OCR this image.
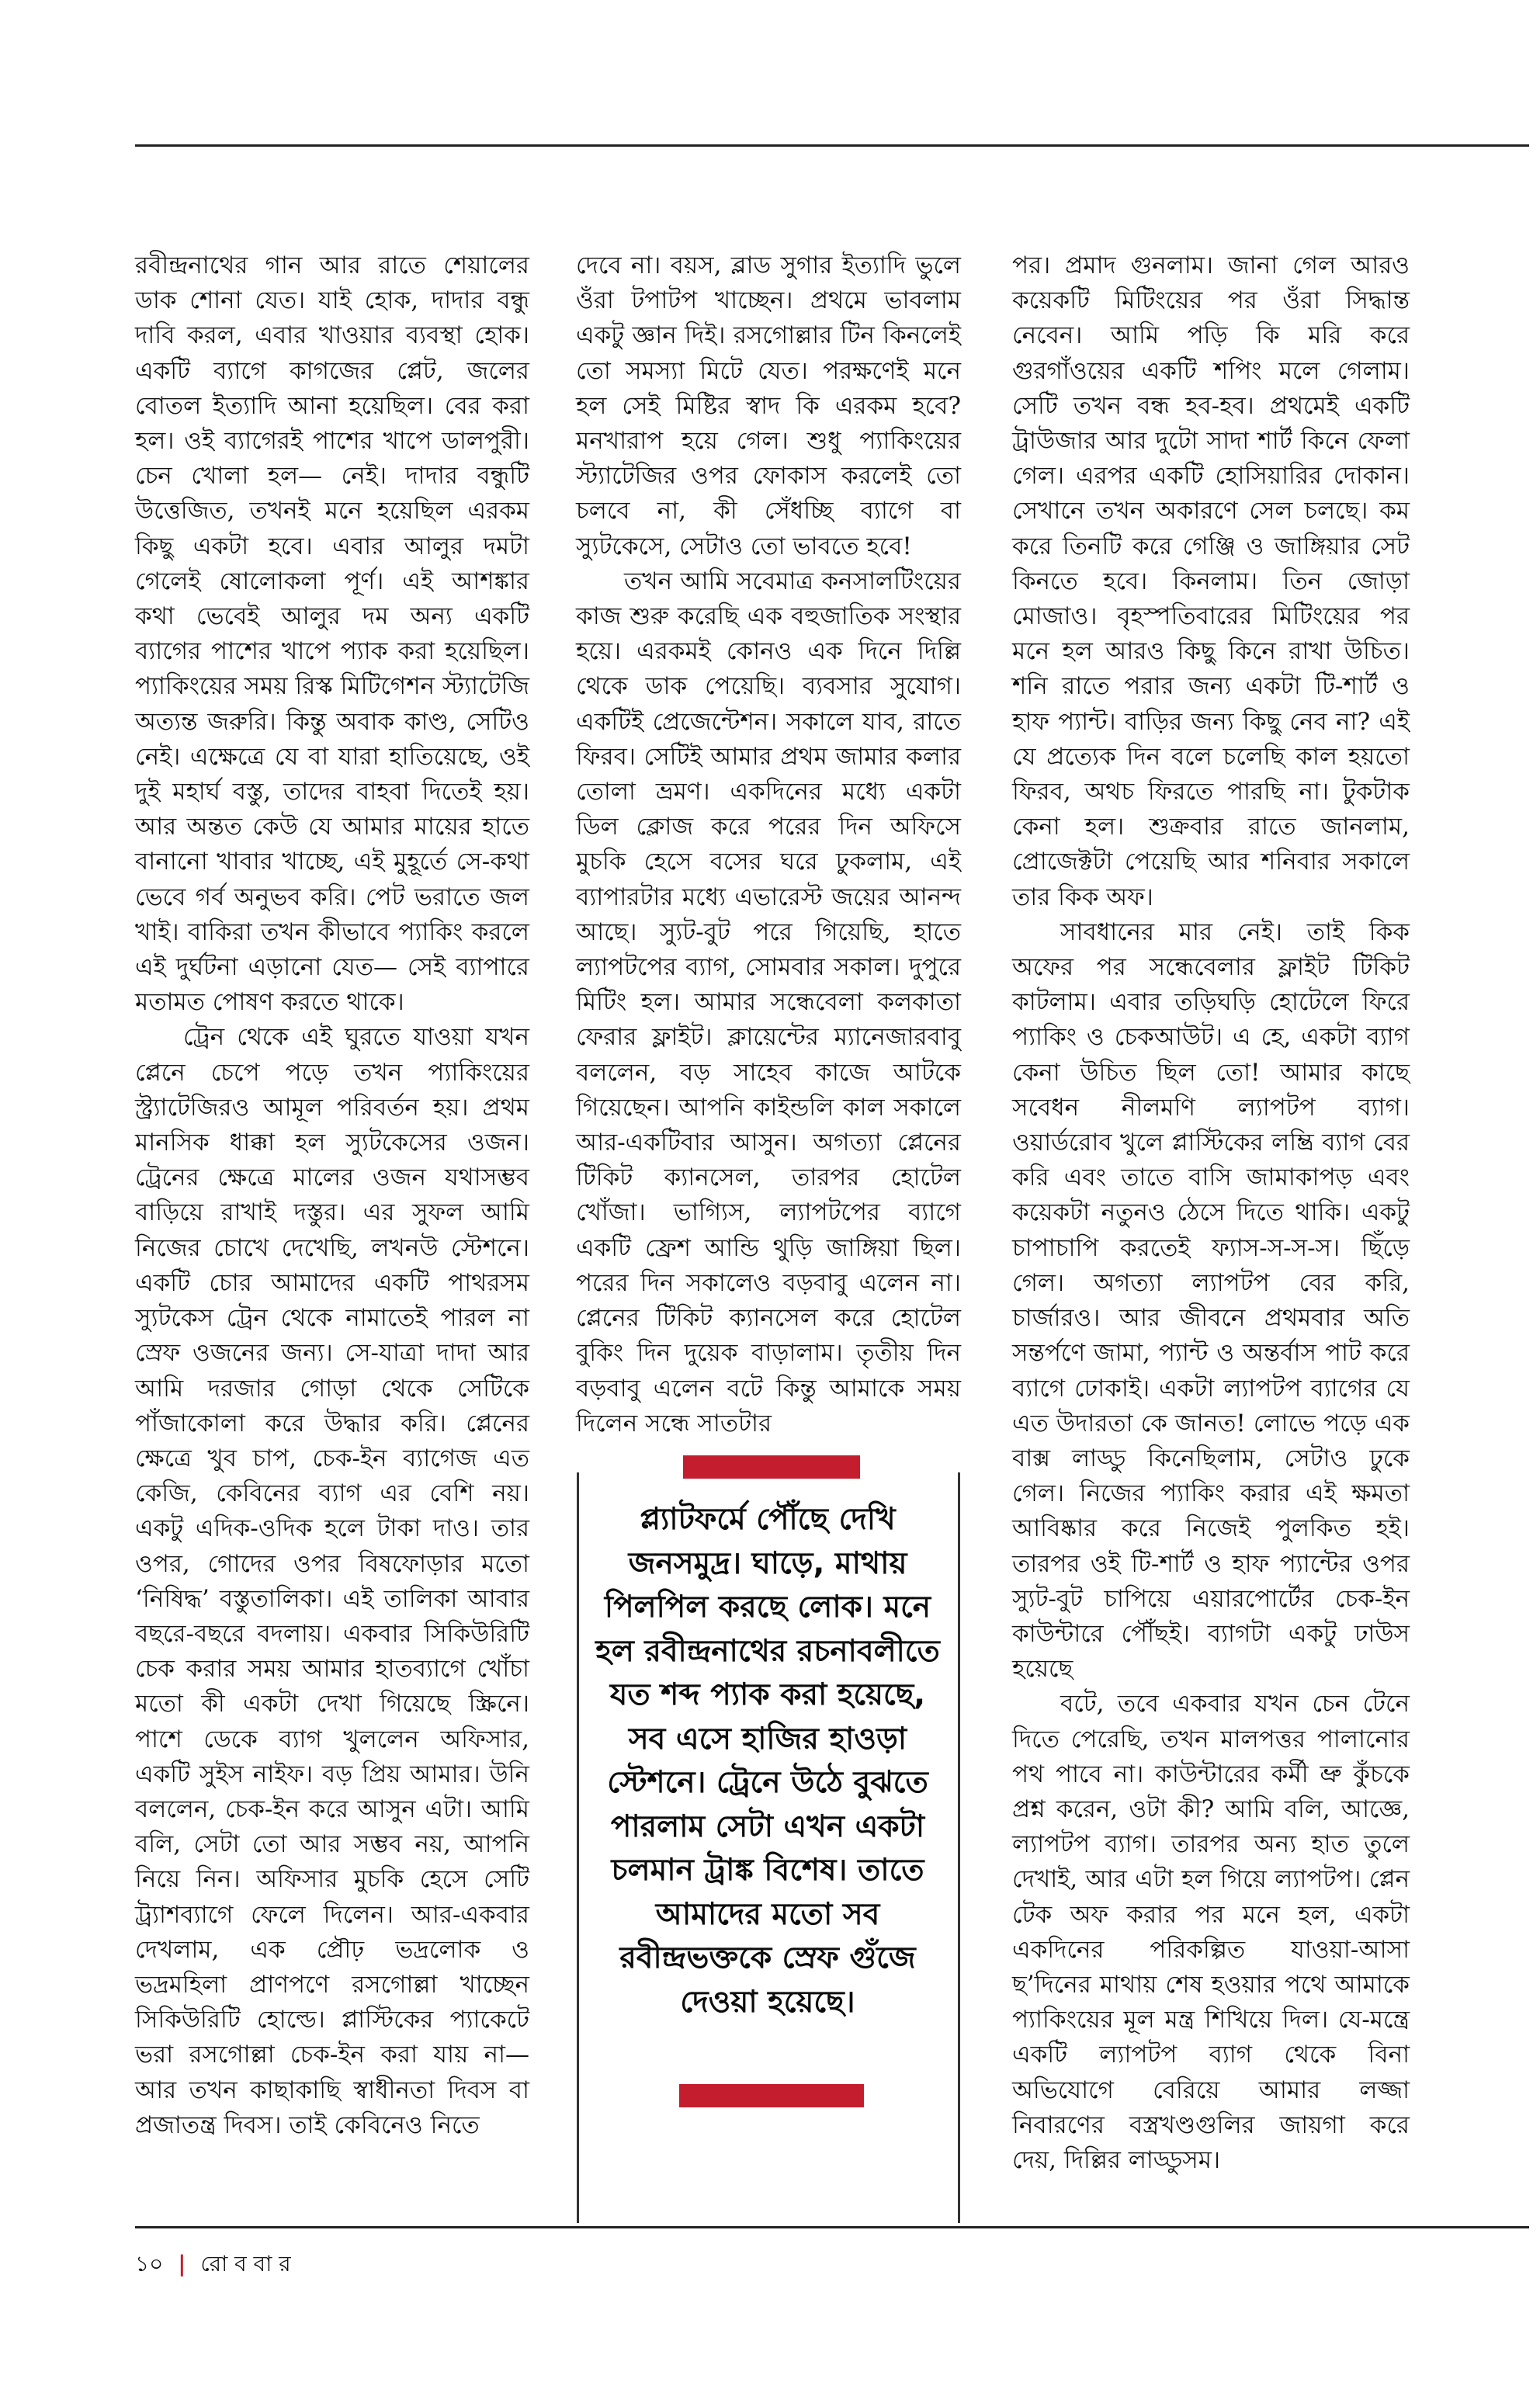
রবীন্দ্রনাথের গান আর রাতে শেয়ালের ডাক শোনা যেত। যাই হোক, দাদার বন্ধু দাবি করল, এবার খাওয়ার ব্যবস্থা হোক। একটি ব্যাগে কাগজের প্লেট, জলের বোতল ইত্যাদি আনা হয়েছিল। বের করা হল। ওই ব্যাগেরই পাশের খাপে ডালপুরী। চেন খোলা হল— নেই। দাদার বন্ধুটি উত্তেজিত, তখনই মনে হয়েছিল এরকম কিছু একটা হবে। এবার আলুর দমটা গেলেই ষোলোকলা পূর্ণ। এই আশঙ্কার কথা ভেবেই আলুর দম অন্য একটি ব্যাগের পাশের খাপে প্যাক করা হয়েছিল। প্যাকিংয়ের সময় রিস্ক মিটিগেশন স্ট্যাটেজি অত্যন্ত জরুরি। কিন্তু অবাক কাণ্ড, সেটিও নেই। এক্ষেত্রে যে বা যারা হাতিয়েছে, ওই দুই মহার্ঘ বস্তু, তাদের বাহবা দিতেই হয়। আর অন্তত কেউ যে আমার মায়ের হাতে বানানো খাবার খাচ্ছে, এই মুহূর্তে সে-কথা ভেবে গর্ব অনুভব করি। পেট ভরাতে জল খাই। বাকিরা তখন কীভাবে প্যাকিং করলে এই দুর্ঘটনা এড়ানো যেত— সেই ব্যাপারে মতামত পোষণ করতে থাকে।

ট্রেন থেকে এই ঘুরতে যাওয়া যখন প্লেনে চেপে পড়ে তখন প্যাকিংয়ের স্ট্র্যাটেজিরও আমূল পরিবর্তন হয়। প্রথম মানসিক ধাক্কা হল স্যুটকেসের ওজন। ট্রেনের ক্ষেত্রে মালের ওজন যথাসম্ভব বাড়িয়ে রাখাই দস্তুর। এর সুফল আমি নিজের চোখে দেখেছি, লখনউ স্টেশনে। একটি চোর আমাদের একটি পাথরসম স্যুটকেস ট্রেন থেকে নামাতেই পারল না স্রেফ ওজনের জন্য। সে-যাত্রা দাদা আর আমি দরজার গোড়া থেকে সেটিকে পাঁজাকোলা করে উদ্ধার করি। প্লেনের ক্ষেত্রে খুব চাপ, চেক-ইন ব্যাগেজ এত কেজি, কেবিনের ব্যাগ এর বেশি নয়। একটু এদিক-ওদিক হলে টাকা দাও। তার ওপর, গোদের ওপর বিষফোড়ার মতো ‘নিষিদ্ধ’ বস্তুতালিকা। এই তালিকা আবার বছরে-বছরে বদলায়। একবার সিকিউরিটি চেক করার সময় আমার হাতব্যাগে খোঁচা মতো কী একটা দেখা গিয়েছে স্ক্রিনে। পাশে ডেকে ব্যাগ খুললেন অফিসার, একটি সুইস নাইফ। বড় প্রিয় আমার। উনি বললেন, চেক-ইন করে আসুন এটা। আমি বলি, সেটা তো আর সম্ভব নয়, আপনি নিয়ে নিন। অফিসার মুচকি হেসে সেটি ট্র্যাশব্যাগে ফেলে দিলেন। আর-একবার দেখলাম, এক প্রৌঢ় ভদ্রলোক ও ভদ্রমহিলা প্রাণপণে রসগোল্লা খাচ্ছেন সিকিউরিটি হোল্ডে। প্লাস্টিকের প্যাকেটে ভরা রসগোল্লা চেক-ইন করা যায় না— আর তখন কাছাকাছি স্বাধীনতা দিবস বা প্রজাতন্ত্র দিবস। তাই কেবিনেও নিতে

দেবে না। বয়স, ব্লাড সুগার ইত্যাদি ভুলে ওঁরা টপাটপ খাচ্ছেন। প্রথমে ভাবলাম একটু জ্ঞান দিই। রসগোল্লার টিন কিনলেই তো সমস্যা মিটে যেত। পরক্ষণেই মনে হল সেই মিষ্টির স্বাদ কি এরকম হবে? মনখারাপ হয়ে গেল। শুধু প্যাকিংয়ের স্ট্যাটেজির ওপর ফোকাস করলেই তো চলবে না, কী সেঁধচ্ছি ব্যাগে বা স্যুটকেসে, সেটাও তো ভাবতে হবে!

তখন আমি সবেমাত্র কনসালটিংয়ের কাজ শুরু করেছি এক বহুজাতিক সংস্থার হয়ে। এরকমই কোনও এক দিনে দিল্লি থেকে ডাক পেয়েছি। ব্যবসার সুযোগ। একটিই প্রেজেন্টেশন। সকালে যাব, রাতে ফিরব। সেটিই আমার প্রথম জামার কলার তোলা ভ্রমণ। একদিনের মধ্যে একটা ডিল ক্লোজ করে পরের দিন অফিসে মুচকি হেসে বসের ঘরে ঢুকলাম, এই ব্যাপারটার মধ্যে এভারেস্ট জয়ের আনন্দ আছে। স্যুট-বুট পরে গিয়েছি, হাতে ল্যাপটপের ব্যাগ, সোমবার সকাল। দুপুরে মিটিং হল। আমার সন্ধেবেলা কলকাতা ফেরার ফ্লাইট। ক্লায়েন্টের ম্যানেজারবাবু বললেন, বড় সাহেব কাজে আটকে গিয়েছেন। আপনি কাইন্ডলি কাল সকালে আর-একটিবার আসুন। অগত্যা প্লেনের টিকিট ক্যানসেল, তারপর হোটেল খোঁজা। ভাগ্যিস, ল্যাপটপের ব্যাগে একটি ফ্রেশ আন্ডি থুড়ি জাঙ্গিয়া ছিল। পরের দিন সকালেও বড়বাবু এলেন না। প্লেনের টিকিট ক্যানসেল করে হোটেল বুকিং দিন দুয়েক বাড়ালাম। তৃতীয় দিন বড়বাবু এলেন বটে কিন্তু আমাকে সময় দিলেন সন্ধে সাতটার

পর। প্রমাদ গুনলাম। জানা গেল আরও কয়েকটি মিটিংয়ের পর ওঁরা সিদ্ধান্ত নেবেন। আমি পড়ি কি মরি করে গুরগাঁওয়ের একটি শপিং মলে গেলাম। সেটি তখন বন্ধ হব-হব। প্রথমেই একটি ট্রাউজার আর দুটো সাদা শার্ট কিনে ফেলা গেল। এরপর একটি হোসিয়ারির দোকান। সেখানে তখন অকারণে সেল চলছে। কম করে তিনটি করে গেঞ্জি ও জাঙ্গিয়ার সেট কিনতে হবে। কিনলাম। তিন জোড়া মোজাও। বৃহস্পতিবারের মিটিংয়ের পর মনে হল আরও কিছু কিনে রাখা উচিত। শনি রাতে পরার জন্য একটা টি-শার্ট ও হাফ প্যান্ট। বাড়ির জন্য কিছু নেব না? এই যে প্রত্যেক দিন বলে চলেছি কাল হয়তো ফিরব, অথচ ফিরতে পারছি না। টুকটাক কেনা হল। শুক্রবার রাতে জানলাম, প্রোজেক্টটা পেয়েছি আর শনিবার সকালে তার কিক অফ।

সাবধানের মার নেই। তাই কিক অফের পর সন্ধেবেলার ফ্লাইট টিকিট কাটলাম। এবার তড়িঘড়ি হোটেলে ফিরে প্যাকিং ও চেকআউট। এ হে, একটা ব্যাগ কেনা উচিত ছিল তো! আমার কাছে সবেধন নীলমণি ল্যাপটপ ব্যাগ। ওয়ার্ডরোব খুলে প্লাস্টিকের লম্ভ্রি ব্যাগ বের করি এবং তাতে বাসি জামাকাপড় এবং কয়েকটা নতুনও ঠেসে দিতে থাকি। একটু চাপাচাপি করতেই ফ্যাস-স-স-স। ছিঁড়ে গেল। অগত্যা ল্যাপটপ বের করি, চার্জারও। আর জীবনে প্রথমবার অতি সন্তর্পণে জামা, প্যান্ট ও অন্তর্বাস পাট করে ব্যাগে ঢোকাই। একটা ল্যাপটপ ব্যাগের যে এত উদারতা কে জানত! লোভে পড়ে এক বাক্স লাড্ডু কিনেছিলাম, সেটাও ঢুকে গেল। নিজের প্যাকিং করার এই ক্ষমতা আবিষ্কার করে নিজেই পুলকিত হই। তারপর ওই টি-শার্ট ও হাফ প্যান্টের ওপর স্যুট-বুট চাপিয়ে এয়ারপোর্টের চেক-ইন কাউন্টারে পৌঁছই। ব্যাগটা একটু ঢাউস হয়েছে

বটে, তবে একবার যখন চেন টেনে দিতে পেরেছি, তখন মালপত্তর পালানোর পথ পাবে না। কাউন্টারের কর্মী ভ্রু কুঁচকে প্রশ্ন করেন, ওটা কী? আমি বলি, আজ্ঞে, ল্যাপটপ ব্যাগ। তারপর অন্য হাত তুলে দেখাই, আর এটা হল গিয়ে ল্যাপটপ। প্লেন টেক অফ করার পর মনে হল, একটা একদিনের পরিকল্পিত যাওয়া-আসা ছ’দিনের মাথায় শেষ হওয়ার পথে আমাকে প্যাকিংয়ের মূল মন্ত্র শিখিয়ে দিল। যে-মন্ত্রে একটি ল্যাপটপ ব্যাগ থেকে বিনা অভিযোগে বেরিয়ে আমার লজ্জা নিবারণের বস্ত্রখণ্ডগুলির জায়গা করে দেয়, দিল্লির লাড্ডুসম।

প্ল্যাটফর্মে পৌঁছে দেখি জনসমুদ্র। ঘাড়ে, মাথায় পিলপিল করছে লোক। মনে হল রবীন্দ্রনাথের রচনাবলীতে যত শব্দ প্যাক করা হয়েছে, সব এসে হাজির হাওড়া স্টেশনে। ট্রেনে উঠে বুঝতে পারলাম সেটা এখন একটা চলমান ট্রাঙ্ক বিশেষ। তাতে আমাদের মতো সব রবীন্দ্রভক্তকে স্রেফ গুঁজে দেওয়া হয়েছে।
১০ | রো ব বা র
